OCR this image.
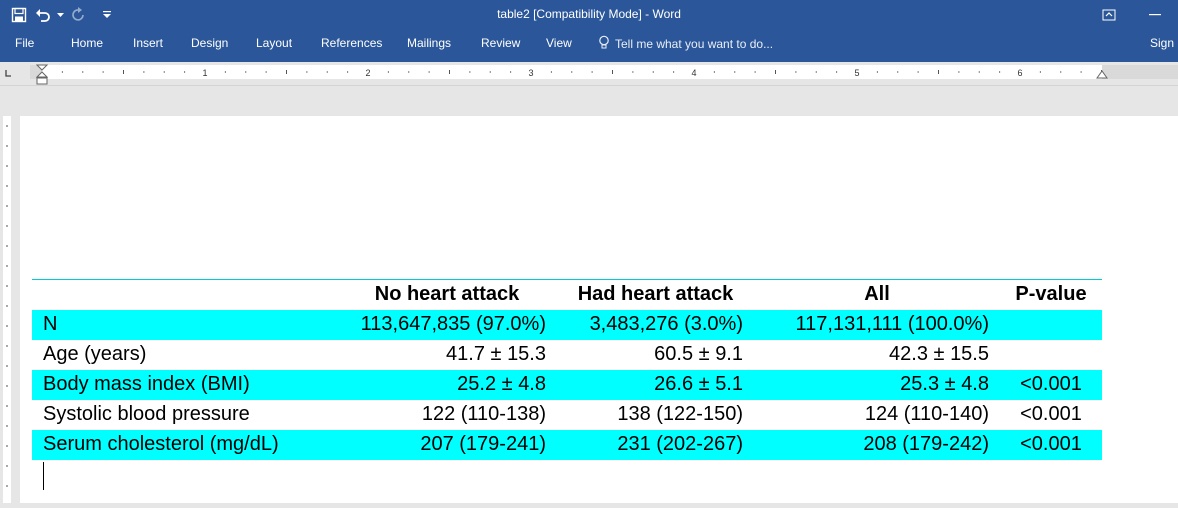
table2 [Compatibility Mode] - Word
File	Home Insert Design Layout References Mailings Review View	Tell me what you want to do...	Sign
1	2	3	4	5	6
	No heart attack	Had heart attack	All	P-value
N	113,647,835 (97.0%)	3,483,276 (3.0%)	117,131,111 (100.0%)	
Age (years)	41.7 ± 15.3	60.5 ± 9.1	42.3 ± 15.5	
Body mass index (BMI)	25.2 ± 4.8	26.6 ± 5.1	25.3 ± 4.8	<0.001
Systolic blood pressure	122 (110-138)	138 (122-150)	124 (110-140)	<0.001
Serum cholesterol (mg/dL)	207 (179-241)	231 (202-267)	208 (179-242)	<0.001
